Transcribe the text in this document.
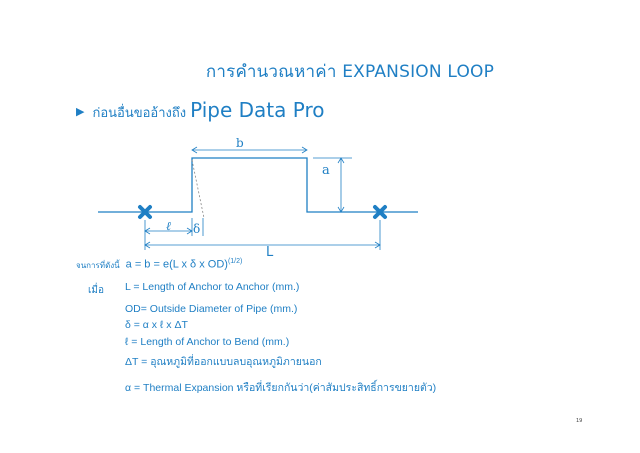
การคำนวณหาค่า EXPANSION LOOP
▶ ก่อนอื่นขออ้างถึง Pipe Data Pro
b
a
ℓ δ
L
จนการที่ดังนี้ a = b = e(L x δ x OD)$^{(1/2)}$
เมื่อ L = Length of Anchor to Anchor (mm.)
OD= Outside Diameter of Pipe (mm.)
δ = α x ℓ x ΔT
ℓ = Length of Anchor to Bend (mm.)
ΔT = อุณหภูมิที่ออกแบบลบอุณหภูมิภายนอก
α = Thermal Expansion หรือที่เรียกกันว่า(ค่าสัมประสิทธิ์การขยายตัว)
19
